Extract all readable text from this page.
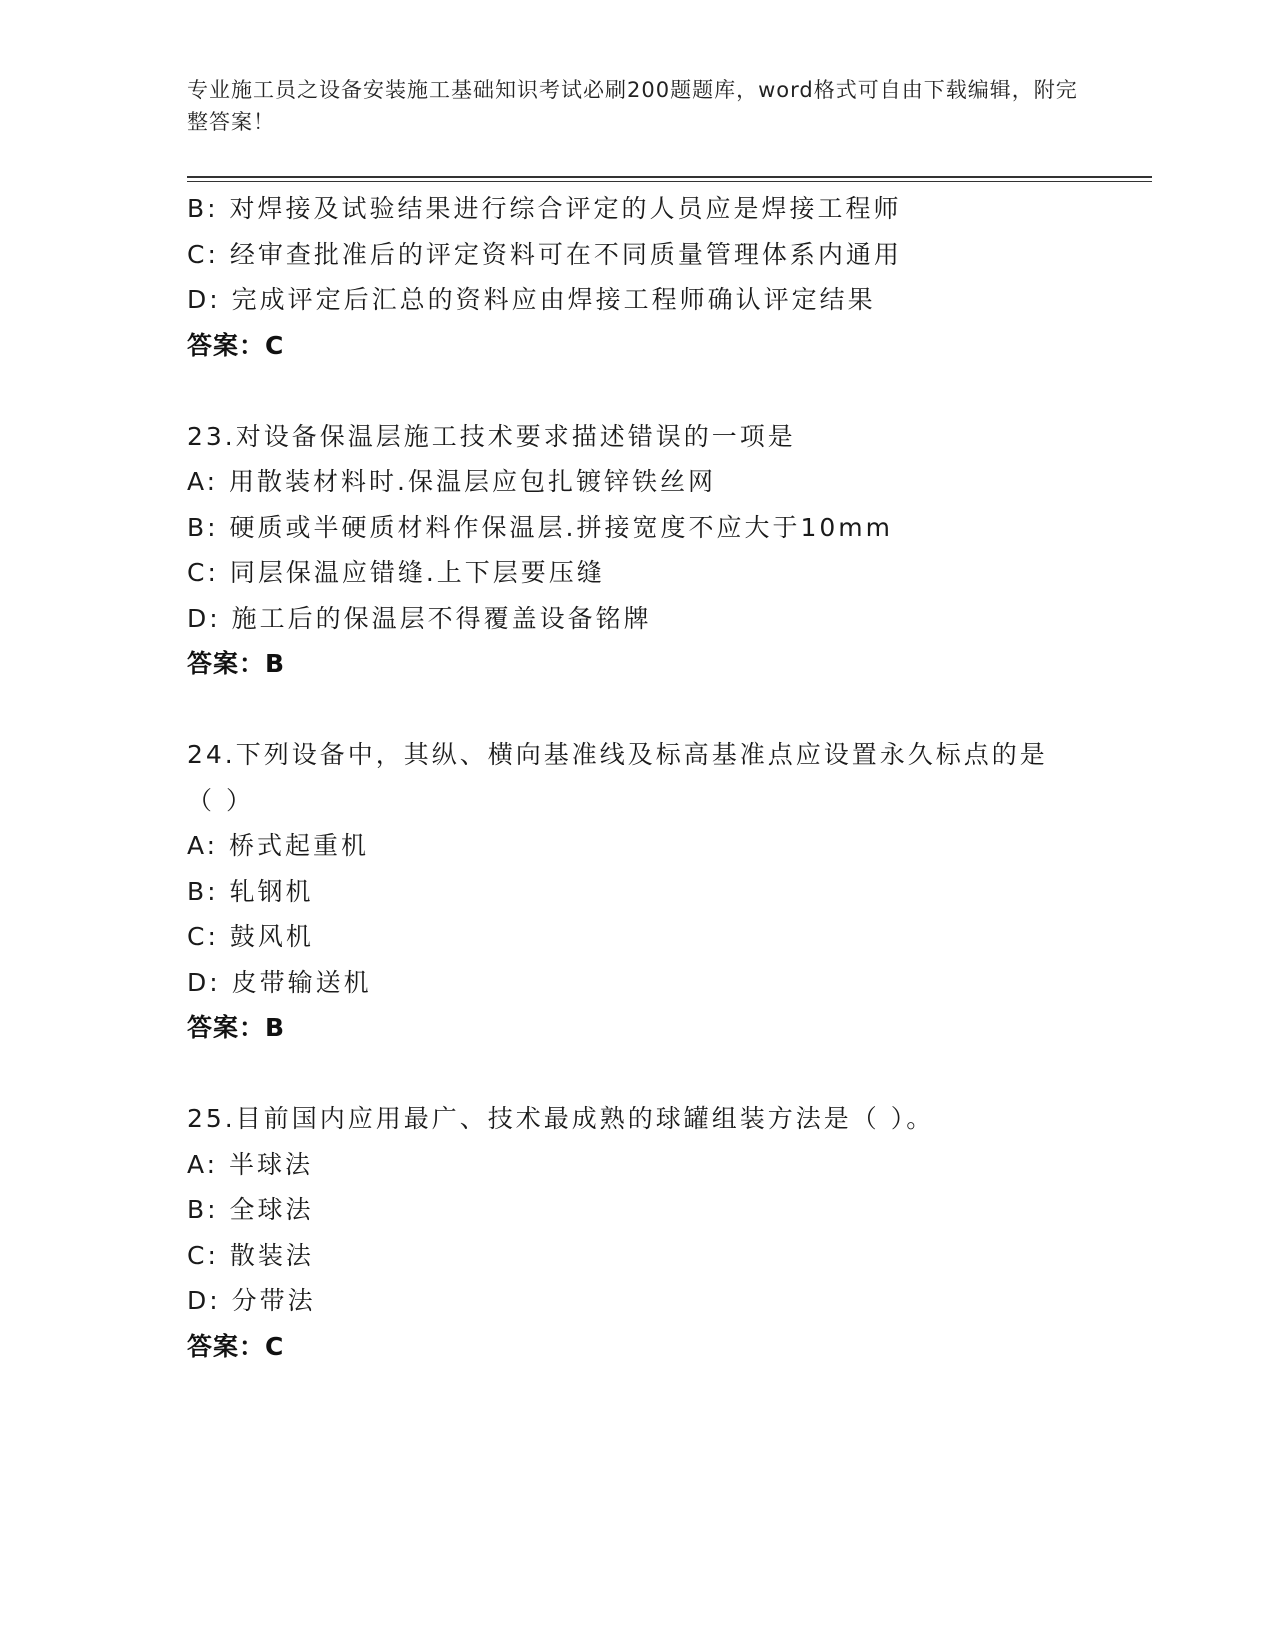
专业施工员之设备安装施工基础知识考试必刷200题题库，word格式可自由下载编辑，附完整答案！
B: 对焊接及试验结果进行综合评定的人员应是焊接工程师
C: 经审查批准后的评定资料可在不同质量管理体系内通用
D: 完成评定后汇总的资料应由焊接工程师确认评定结果
答案：C
23.对设备保温层施工技术要求描述错误的一项是
A: 用散装材料时.保温层应包扎镀锌铁丝网
B: 硬质或半硬质材料作保温层.拼接宽度不应大于10mm
C: 同层保温应错缝.上下层要压缝
D: 施工后的保温层不得覆盖设备铭牌
答案：B
24.下列设备中，其纵、横向基准线及标高基准点应设置永久标点的是（ ）
A: 桥式起重机
B: 轧钢机
C: 鼓风机
D: 皮带输送机
答案：B
25.目前国内应用最广、技术最成熟的球罐组装方法是（ ）。
A: 半球法
B: 全球法
C: 散装法
D: 分带法
答案：C
